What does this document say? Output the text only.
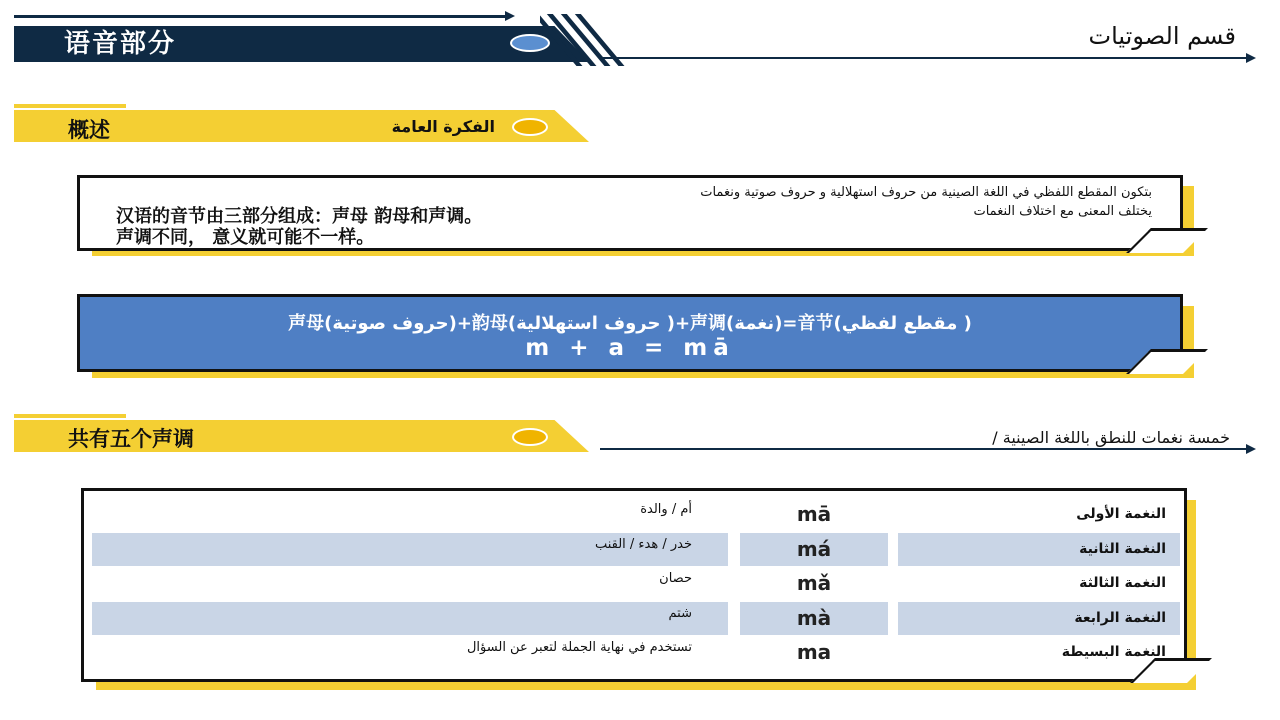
语音部分	قسم الصوتيات
概述	الفكرة العامة
بتكون المقطع اللفظي في اللغة الصينية من حروف استهلالية و حروف صوتية ونغمات
يختلف المعنى مع اختلاف النغمات
汉语的音节由三部分组成：声母 韵母和声调。
声调不同， 意义就可能不一样。
声母(حروف صوتية)+韵母(حروف استهلالية )+声调(نغمة)=音节(مقطع لفظي )
m + a = mā
共有五个声调	خمسة نغمات للنطق باللغة الصينية /
النغمة الأولى
mā
أم / والدة
النغمة الثانية
má
خدر / هدء / القنب
النغمة الثالثة
mǎ
حصان
النغمة الرابعة
mà
شتم
النغمة البسيطة
ma
تستخدم في نهاية الجملة لتعبر عن السؤال
